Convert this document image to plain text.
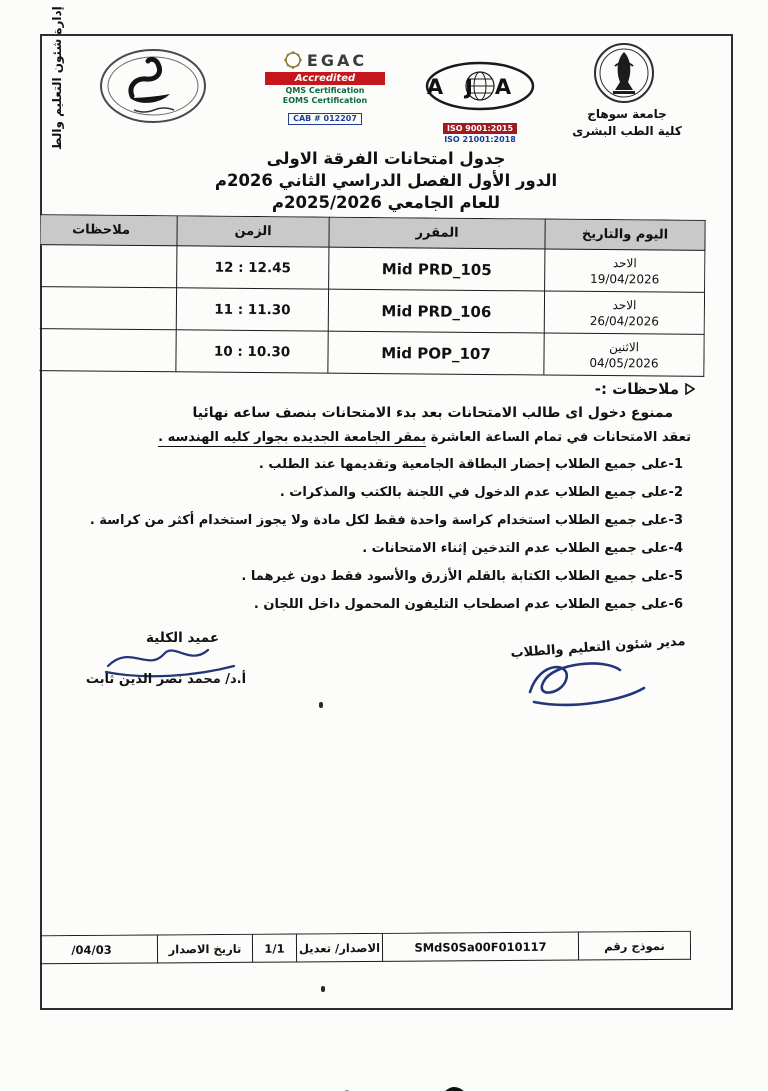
إدارة شئون التعليم والط	EGAC
Accredited
QMS Certification
EOMS Certification
CAB # 012207
AJA
ISO 9001:2015
ISO 21001:2018
جامعة سوهاج
كلية الطب البشرى
جدول امتحانات الفرقة الاولى
الدور الأول الفصل الدراسي الثاني 2026م
للعام الجامعي 2025/2026م
اليوم والتاريخ	المقرر	الزمن	ملاحظات

الاحد
19/04/2026	Mid PRD_105	12 : 12.45	

الاحد
26/04/2026	Mid PRD_106	11 : 11.30	

الاثنين
04/05/2026	Mid POP_107	10 : 10.30	
ملاحظات :-
ممنوع دخول اى طالب الامتحانات بعد بدء الامتحانات بنصف ساعه نهائيا
تعقد الامتحانات في تمام الساعة العاشرة بمقر الجامعة الجديده بجوار كليه الهندسه .
1-على جميع الطلاب إحضار البطاقة الجامعية وتقديمها عند الطلب .
2-على جميع الطلاب عدم الدخول في اللجنة بالكتب والمذكرات .
3-على جميع الطلاب استخدام كراسة واحدة فقط لكل مادة ولا يجوز استخدام أكثر من كراسة .
4-على جميع الطلاب عدم التدخين إثناء الامتحانات .
5-على جميع الطلاب الكتابة بالقلم الأزرق والأسود فقط دون غيرهما .
6-على جميع الطلاب عدم اصطحاب التليفون المحمول داخل اللجان .
مدير شئون التعليم والطلاب
عميد الكلية
أ.د/ محمد نصر الدين ثابت
نموذج رقم	SMdS0Sa00F010117	الاصدار/ تعديل	1/1	تاريخ الاصدار	/04/03
